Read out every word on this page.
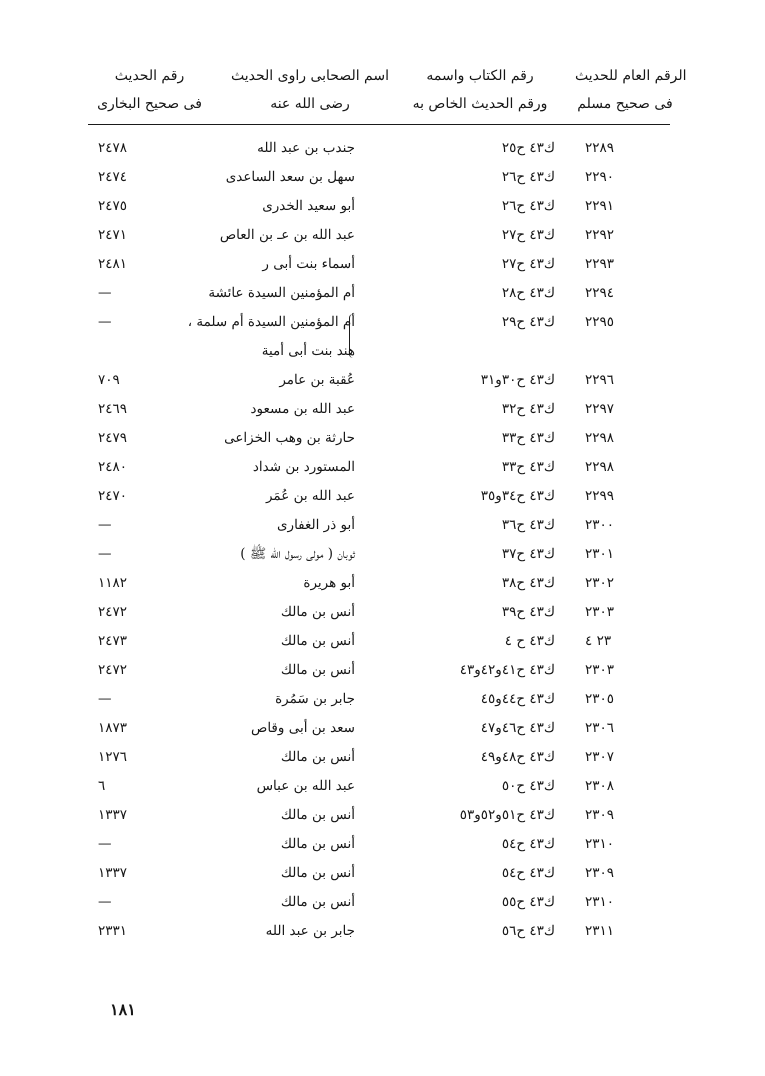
الرقم العام للحديث
فى صحيح مسلم
رقم الكتاب واسمه
ورقم الحديث الخاص به
اسم الصحابى راوى الحديث
رضى الله عنه
رقم الحديث
فى صحيح البخارى
٢٢٨٩
ك٤٣ ح٢٥
جندب بن عبد الله
٢٤٧٨
٢٢٩٠
ك٤٣ ح٢٦
سهل بن سعد الساعدى
٢٤٧٤
٢٢٩١
ك٤٣ ح٢٦
أبو سعيد الخدرى
٢٤٧٥
٢٢٩٢
ك٤٣ ح٢٧
عبد الله بن عـ بن العاص
٢٤٧١
٢٢٩٣
ك٤٣ ح٢٧
أسماء بنت أبى ر
٢٤٨١
٢٢٩٤
ك٤٣ ح٢٨
أم المؤمنين السيدة عائشة
—
٢٢٩٥
ك٤٣ ح٢٩
أم المؤمنين السيدة أم سلمة ،
هند بنت أبى أمية
—
٢٢٩٦
ك٤٣ ح٣٠و٣١
عُقبة بن عامر
٧٠٩
٢٢٩٧
ك٤٣ ح٣٢
عبد الله بن مسعود
٢٤٦٩
٢٢٩٨
ك٤٣ ح٣٣
حارثة بن وهب الخزاعى
٢٤٧٩
٢٢٩٨
ك٤٣ ح٣٣
المستورد بن شداد
٢٤٨٠
٢٢٩٩
ك٤٣ ح٣٤و٣٥
عبد الله بن عُمَر
٢٤٧٠
٢٣٠٠
ك٤٣ ح٣٦
أبو ذر الغفارى
—
٢٣٠١
ك٤٣ ح٣٧
ثوبان ( مولى رسول الله ﷺ )
—
٢٣٠٢
ك٤٣ ح٣٨
أبو هريرة
١١٨٢
٢٣٠٣
ك٤٣ ح٣٩
أنس بن مالك
٢٤٧٢
٢٣ ٤
ك٤٣ ح ٤
أنس بن مالك
٢٤٧٣
٢٣٠٣
ك٤٣ ح٤١و٤٢و٤٣
أنس بن مالك
٢٤٧٢
٢٣٠٥
ك٤٣ ح٤٤و٤٥
جابر بن سَمُرة
—
٢٣٠٦
ك٤٣ ح٤٦و٤٧
سعد بن أبى وقاص
١٨٧٣
٢٣٠٧
ك٤٣ ح٤٨و٤٩
أنس بن مالك
١٢٧٦
٢٣٠٨
ك٤٣ ح٥٠
عبد الله بن عباس
٦
٢٣٠٩
ك٤٣ ح٥١و٥٢و٥٣
أنس بن مالك
١٣٣٧
٢٣١٠
ك٤٣ ح٥٤
أنس بن مالك
—
٢٣٠٩
ك٤٣ ح٥٤
أنس بن مالك
١٣٣٧
٢٣١٠
ك٤٣ ح٥٥
أنس بن مالك
—
٢٣١١
ك٤٣ ح٥٦
جابر بن عبد الله
٢٣٣١
١٨١
